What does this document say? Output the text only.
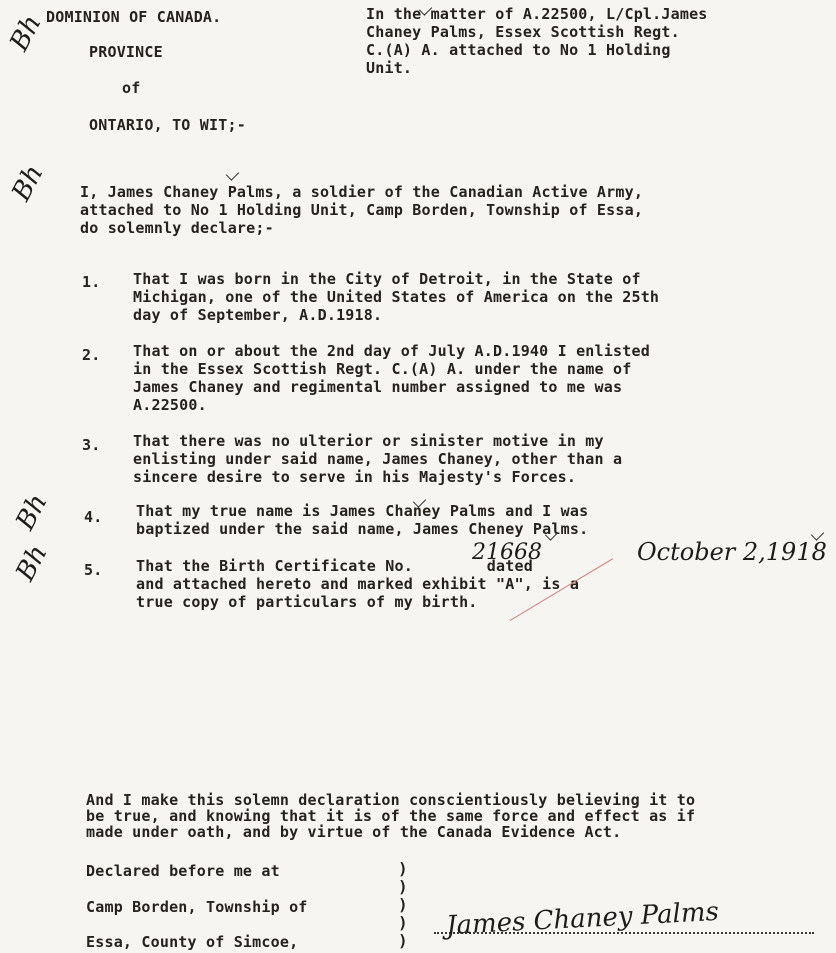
Bh
Bh
Bh
Bh
DOMINION OF CANADA.
PROVINCE
of
ONTARIO, TO WIT;-
In the matter of A.22500, L/Cpl.James
Chaney Palms, Essex Scottish Regt.
C.(A) A. attached to No 1 Holding
Unit.
I, James Chaney Palms, a soldier of the Canadian Active Army,
attached to No 1 Holding Unit, Camp Borden, Township of Essa,
do solemnly declare;-
1. That I was born in the City of Detroit, in the State of
Michigan, one of the United States of America on the 25th
day of September, A.D.1918.
2. That on or about the 2nd day of July A.D.1940 I enlisted
in the Essex Scottish Regt. C.(A) A. under the name of
James Chaney and regimental number assigned to me was
A.22500.
3. That there was no ulterior or sinister motive in my
enlisting under said name, James Chaney, other than a
sincere desire to serve in his Majesty's Forces.
4. That my true name is James Chaney Palms and I was
baptized under the said name, James Cheney Palms.
5. That the Birth Certificate No.        dated
and attached hereto and marked exhibit "A", is a
true copy of particulars of my birth.
21668	October 2,1918
And I make this solemn declaration conscientiously believing it to
be true, and knowing that it is of the same force and effect as if
made under oath, and by virtue of the Canada Evidence Act.
Declared before me at
Camp Borden, Township of
Essa, County of Simcoe,
)
)
)
)
) James Chaney Palms
